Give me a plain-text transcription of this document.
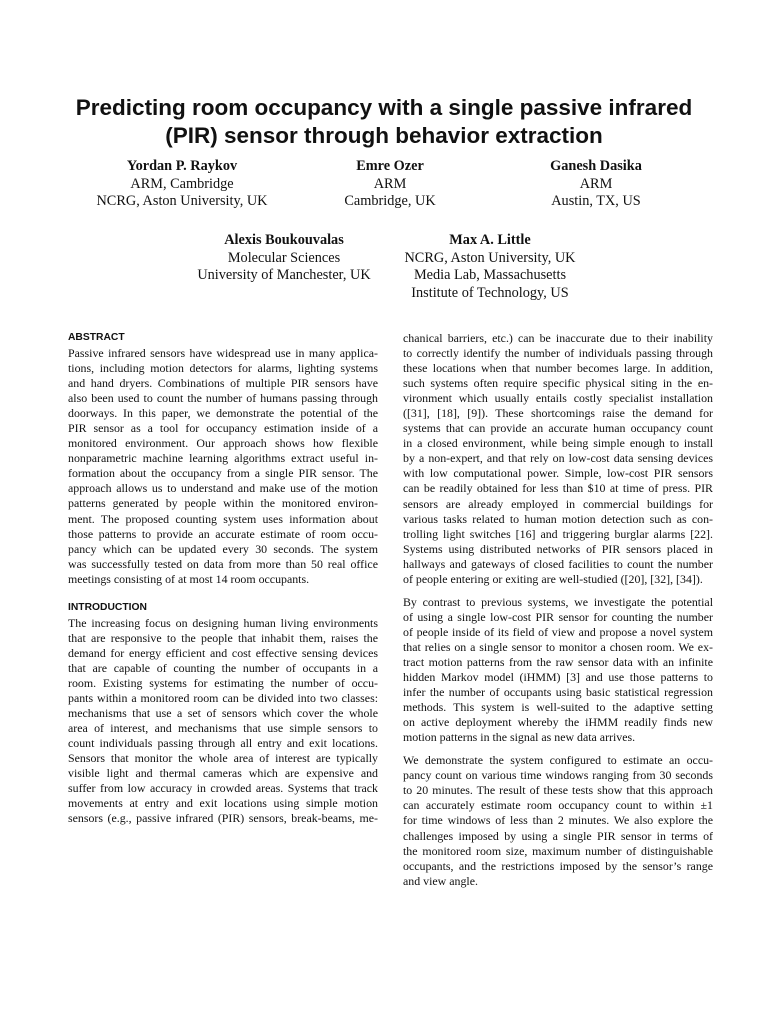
Predicting room occupancy with a single passive infrared
(PIR) sensor through behavior extraction
Yordan P. Raykov
ARM, Cambridge
NCRG, Aston University, UK
Emre Ozer
ARM
Cambridge, UK
Ganesh Dasika
ARM
Austin, TX, US
Alexis Boukouvalas
Molecular Sciences
University of Manchester, UK
Max A. Little
NCRG, Aston University, UK
Media Lab, Massachusetts
Institute of Technology, US
ABSTRACT
Passive infrared sensors have widespread use in many applica-
tions, including motion detectors for alarms, lighting systems
and hand dryers. Combinations of multiple PIR sensors have
also been used to count the number of humans passing through
doorways. In this paper, we demonstrate the potential of the
PIR sensor as a tool for occupancy estimation inside of a
monitored environment. Our approach shows how flexible
nonparametric machine learning algorithms extract useful in-
formation about the occupancy from a single PIR sensor. The
approach allows us to understand and make use of the motion
patterns generated by people within the monitored environ-
ment. The proposed counting system uses information about
those patterns to provide an accurate estimate of room occu-
pancy which can be updated every 30 seconds. The system
was successfully tested on data from more than 50 real office
meetings consisting of at most 14 room occupants.
INTRODUCTION
The increasing focus on designing human living environments
that are responsive to the people that inhabit them, raises the
demand for energy efficient and cost effective sensing devices
that are capable of counting the number of occupants in a
room. Existing systems for estimating the number of occu-
pants within a monitored room can be divided into two classes:
mechanisms that use a set of sensors which cover the whole
area of interest, and mechanisms that use simple sensors to
count individuals passing through all entry and exit locations.
Sensors that monitor the whole area of interest are typically
visible light and thermal cameras which are expensive and
suffer from low accuracy in crowded areas. Systems that track
movements at entry and exit locations using simple motion
sensors (e.g., passive infrared (PIR) sensors, break-beams, me-
chanical barriers, etc.) can be inaccurate due to their inability
to correctly identify the number of individuals passing through
these locations when that number becomes large. In addition,
such systems often require specific physical siting in the en-
vironment which usually entails costly specialist installation
([31], [18], [9]). These shortcomings raise the demand for
systems that can provide an accurate human occupancy count
in a closed environment, while being simple enough to install
by a non-expert, and that rely on low-cost data sensing devices
with low computational power. Simple, low-cost PIR sensors
can be readily obtained for less than $10 at time of press. PIR
sensors are already employed in commercial buildings for
various tasks related to human motion detection such as con-
trolling light switches [16] and triggering burglar alarms [22].
Systems using distributed networks of PIR sensors placed in
hallways and gateways of closed facilities to count the number
of people entering or exiting are well-studied ([20], [32], [34]).
By contrast to previous systems, we investigate the potential
of using a single low-cost PIR sensor for counting the number
of people inside of its field of view and propose a novel system
that relies on a single sensor to monitor a chosen room. We ex-
tract motion patterns from the raw sensor data with an infinite
hidden Markov model (iHMM) [3] and use those patterns to
infer the number of occupants using basic statistical regression
methods. This system is well-suited to the adaptive setting
on active deployment whereby the iHMM readily finds new
motion patterns in the signal as new data arrives.
We demonstrate the system configured to estimate an occu-
pancy count on various time windows ranging from 30 seconds
to 20 minutes. The result of these tests show that this approach
can accurately estimate room occupancy count to within ±1
for time windows of less than 2 minutes. We also explore the
challenges imposed by using a single PIR sensor in terms of
the monitored room size, maximum number of distinguishable
occupants, and the restrictions imposed by the sensor’s range
and view angle.
